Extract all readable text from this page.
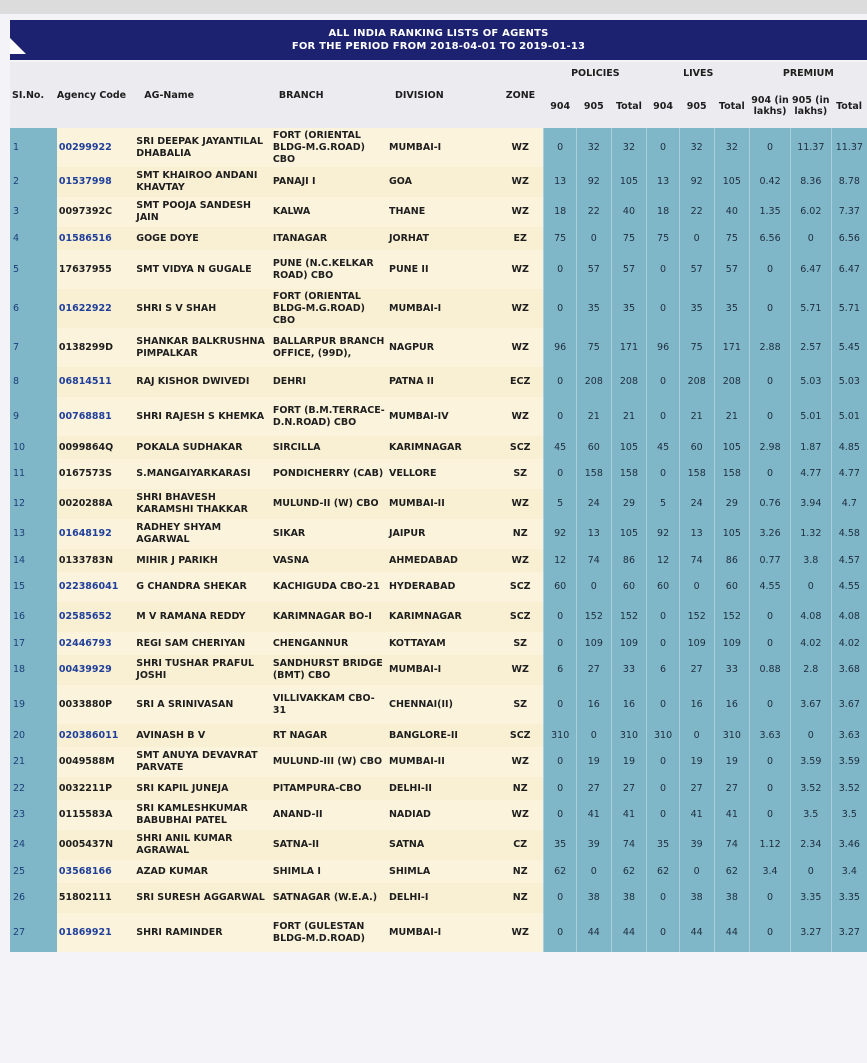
ALL INDIA RANKING LISTS OF AGENTS
FOR THE PERIOD FROM 2018-04-01 TO 2019-01-13
SI.No.	Agency Code	AG-Name	BRANCH	DIVISION	ZONE	POLICIES			LIVES			PREMIUM		
						904	905	Total	904	905	Total	904 (in lakhs)	905 (in lakhs)	Total
1	00299922	SRI DEEPAK JAYANTILAL DHABALIA	FORT (ORIENTAL BLDG-M.G.ROAD) CBO	MUMBAI-I	WZ	0	32	32	0	32	32	0	11.37	11.37
2	01537998	SMT KHAIROO ANDANI KHAVTAY	PANAJI I	GOA	WZ	13	92	105	13	92	105	0.42	8.36	8.78
3	0097392C	SMT POOJA SANDESH JAIN	KALWA	THANE	WZ	18	22	40	18	22	40	1.35	6.02	7.37
4	01586516	GOGE DOYE	ITANAGAR	JORHAT	EZ	75	0	75	75	0	75	6.56	0	6.56
5	17637955	SMT VIDYA N GUGALE	PUNE (N.C.KELKAR ROAD) CBO	PUNE II	WZ	0	57	57	0	57	57	0	6.47	6.47
6	01622922	SHRI S V SHAH	FORT (ORIENTAL BLDG-M.G.ROAD) CBO	MUMBAI-I	WZ	0	35	35	0	35	35	0	5.71	5.71
7	0138299D	SHANKAR BALKRUSHNA PIMPALKAR	BALLARPUR BRANCH OFFICE, (99D),	NAGPUR	WZ	96	75	171	96	75	171	2.88	2.57	5.45
8	06814511	RAJ KISHOR DWIVEDI	DEHRI	PATNA II	ECZ	0	208	208	0	208	208	0	5.03	5.03
9	00768881	SHRI RAJESH S KHEMKA	FORT (B.M.TERRACE-D.N.ROAD) CBO	MUMBAI-IV	WZ	0	21	21	0	21	21	0	5.01	5.01
10	0099864Q	POKALA SUDHAKAR	SIRCILLA	KARIMNAGAR	SCZ	45	60	105	45	60	105	2.98	1.87	4.85
11	0167573S	S.MANGAIYARKARASI	PONDICHERRY (CAB)	VELLORE	SZ	0	158	158	0	158	158	0	4.77	4.77
12	0020288A	SHRI BHAVESH KARAMSHI THAKKAR	MULUND-II (W) CBO	MUMBAI-II	WZ	5	24	29	5	24	29	0.76	3.94	4.7
13	01648192	RADHEY SHYAM AGARWAL	SIKAR	JAIPUR	NZ	92	13	105	92	13	105	3.26	1.32	4.58
14	0133783N	MIHIR J PARIKH	VASNA	AHMEDABAD	WZ	12	74	86	12	74	86	0.77	3.8	4.57
15	022386041	G CHANDRA SHEKAR	KACHIGUDA CBO-21	HYDERABAD	SCZ	60	0	60	60	0	60	4.55	0	4.55
16	02585652	M V RAMANA REDDY	KARIMNAGAR BO-I	KARIMNAGAR	SCZ	0	152	152	0	152	152	0	4.08	4.08
17	02446793	REGI SAM CHERIYAN	CHENGANNUR	KOTTAYAM	SZ	0	109	109	0	109	109	0	4.02	4.02
18	00439929	SHRI TUSHAR PRAFUL JOSHI	SANDHURST BRIDGE (BMT) CBO	MUMBAI-I	WZ	6	27	33	6	27	33	0.88	2.8	3.68
19	0033880P	SRI A SRINIVASAN	VILLIVAKKAM CBO-31	CHENNAI(II)	SZ	0	16	16	0	16	16	0	3.67	3.67
20	020386011	AVINASH B V	RT NAGAR	BANGLORE-II	SCZ	310	0	310	310	0	310	3.63	0	3.63
21	0049588M	SMT ANUYA DEVAVRAT PARVATE	MULUND-III (W) CBO	MUMBAI-II	WZ	0	19	19	0	19	19	0	3.59	3.59
22	0032211P	SRI KAPIL JUNEJA	PITAMPURA-CBO	DELHI-II	NZ	0	27	27	0	27	27	0	3.52	3.52
23	0115583A	SRI KAMLESHKUMAR BABUBHAI PATEL	ANAND-II	NADIAD	WZ	0	41	41	0	41	41	0	3.5	3.5
24	0005437N	SHRI ANIL KUMAR AGRAWAL	SATNA-II	SATNA	CZ	35	39	74	35	39	74	1.12	2.34	3.46
25	03568166	AZAD KUMAR	SHIMLA I	SHIMLA	NZ	62	0	62	62	0	62	3.4	0	3.4
26	51802111	SRI SURESH AGGARWAL	SATNAGAR (W.E.A.)	DELHI-I	NZ	0	38	38	0	38	38	0	3.35	3.35
27	01869921	SHRI RAMINDER	FORT (GULESTAN BLDG-M.D.ROAD)	MUMBAI-I	WZ	0	44	44	0	44	44	0	3.27	3.27
